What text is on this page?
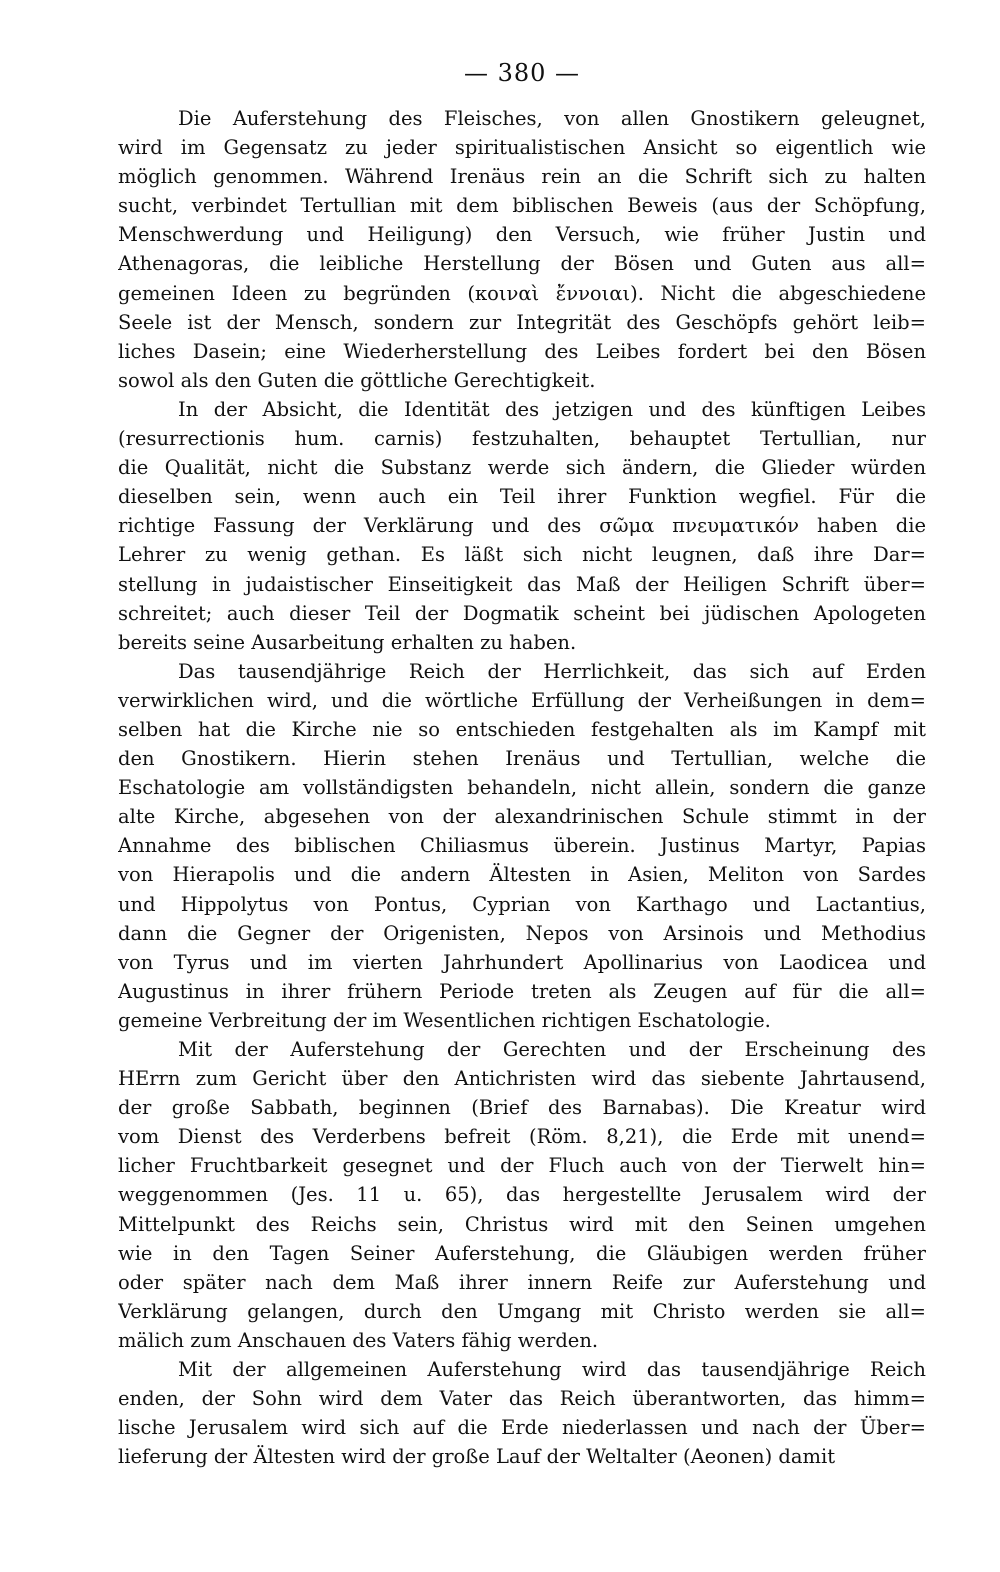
— 380 —
Die Auferstehung des Fleisches, von allen Gnostikern geleugnet,
wird im Gegensatz zu jeder spiritualistischen Ansicht so eigentlich wie
möglich genommen. Während Irenäus rein an die Schrift sich zu halten
sucht, verbindet Tertullian mit dem biblischen Beweis (aus der Schöpfung,
Menschwerdung und Heiligung) den Versuch, wie früher Justin und
Athenagoras, die leibliche Herstellung der Bösen und Guten aus all=
gemeinen Ideen zu begründen (κοιναὶ ἔννοιαι). Nicht die abgeschiedene
Seele ist der Mensch, sondern zur Integrität des Geschöpfs gehört leib=
liches Dasein; eine Wiederherstellung des Leibes fordert bei den Bösen
sowol als den Guten die göttliche Gerechtigkeit.
In der Absicht, die Identität des jetzigen und des künftigen Leibes
(resurrectionis hum. carnis) festzuhalten, behauptet Tertullian, nur
die Qualität, nicht die Substanz werde sich ändern, die Glieder würden
dieselben sein, wenn auch ein Teil ihrer Funktion wegfiel. Für die
richtige Fassung der Verklärung und des σῶμα πνευματικόν haben die
Lehrer zu wenig gethan. Es läßt sich nicht leugnen, daß ihre Dar=
stellung in judaistischer Einseitigkeit das Maß der Heiligen Schrift über=
schreitet; auch dieser Teil der Dogmatik scheint bei jüdischen Apologeten
bereits seine Ausarbeitung erhalten zu haben.
Das tausendjährige Reich der Herrlichkeit, das sich auf Erden
verwirklichen wird, und die wörtliche Erfüllung der Verheißungen in dem=
selben hat die Kirche nie so entschieden festgehalten als im Kampf mit
den Gnostikern. Hierin stehen Irenäus und Tertullian, welche die
Eschatologie am vollständigsten behandeln, nicht allein, sondern die ganze
alte Kirche, abgesehen von der alexandrinischen Schule stimmt in der
Annahme des biblischen Chiliasmus überein. Justinus Martyr, Papias
von Hierapolis und die andern Ältesten in Asien, Meliton von Sardes
und Hippolytus von Pontus, Cyprian von Karthago und Lactantius,
dann die Gegner der Origenisten, Nepos von Arsinois und Methodius
von Tyrus und im vierten Jahrhundert Apollinarius von Laodicea und
Augustinus in ihrer frühern Periode treten als Zeugen auf für die all=
gemeine Verbreitung der im Wesentlichen richtigen Eschatologie.
Mit der Auferstehung der Gerechten und der Erscheinung des
HErrn zum Gericht über den Antichristen wird das siebente Jahrtausend,
der große Sabbath, beginnen (Brief des Barnabas). Die Kreatur wird
vom Dienst des Verderbens befreit (Röm. 8,21), die Erde mit unend=
licher Fruchtbarkeit gesegnet und der Fluch auch von der Tierwelt hin=
weggenommen (Jes. 11 u. 65), das hergestellte Jerusalem wird der
Mittelpunkt des Reichs sein, Christus wird mit den Seinen umgehen
wie in den Tagen Seiner Auferstehung, die Gläubigen werden früher
oder später nach dem Maß ihrer innern Reife zur Auferstehung und
Verklärung gelangen, durch den Umgang mit Christo werden sie all=
mälich zum Anschauen des Vaters fähig werden.
Mit der allgemeinen Auferstehung wird das tausendjährige Reich
enden, der Sohn wird dem Vater das Reich überantworten, das himm=
lische Jerusalem wird sich auf die Erde niederlassen und nach der Über=
lieferung der Ältesten wird der große Lauf der Weltalter (Aeonen) damit
